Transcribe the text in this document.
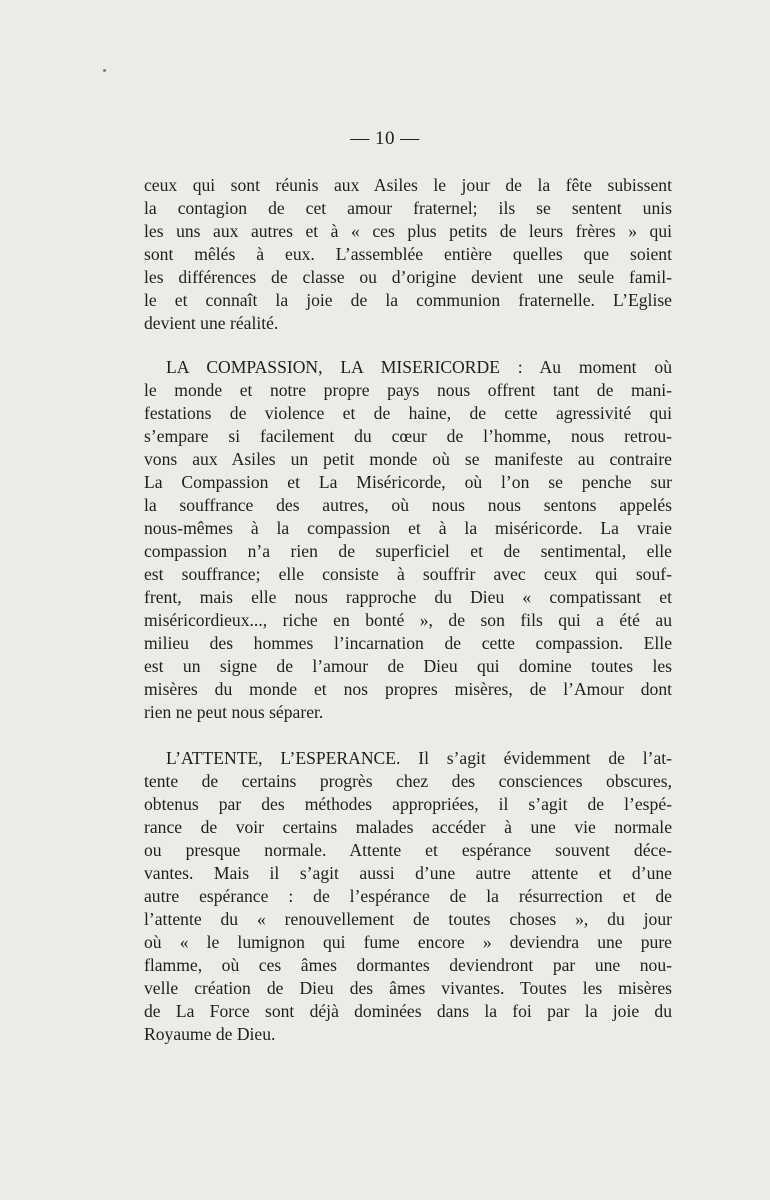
— 10 —
ceux qui sont réunis aux Asiles le jour de la fête subissent
la contagion de cet amour fraternel; ils se sentent unis
les uns aux autres et à « ces plus petits de leurs frères » qui
sont mêlés à eux. L’assemblée entière quelles que soient
les différences de classe ou d’origine devient une seule famil-
le et connaît la joie de la communion fraternelle. L’Eglise
devient une réalité.
LA COMPASSION, LA MISERICORDE : Au moment où
le monde et notre propre pays nous offrent tant de mani-
festations de violence et de haine, de cette agressivité qui
s’empare si facilement du cœur de l’homme, nous retrou-
vons aux Asiles un petit monde où se manifeste au contraire
La Compassion et La Miséricorde, où l’on se penche sur
la souffrance des autres, où nous nous sentons appelés
nous-mêmes à la compassion et à la miséricorde. La vraie
compassion n’a rien de superficiel et de sentimental, elle
est souffrance; elle consiste à souffrir avec ceux qui souf-
frent, mais elle nous rapproche du Dieu « compatissant et
miséricordieux..., riche en bonté », de son fils qui a été au
milieu des hommes l’incarnation de cette compassion. Elle
est un signe de l’amour de Dieu qui domine toutes les
misères du monde et nos propres misères, de l’Amour dont
rien ne peut nous séparer.
L’ATTENTE, L’ESPERANCE. Il s’agit évidemment de l’at-
tente de certains progrès chez des consciences obscures,
obtenus par des méthodes appropriées, il s’agit de l’espé-
rance de voir certains malades accéder à une vie normale
ou presque normale. Attente et espérance souvent déce-
vantes. Mais il s’agit aussi d’une autre attente et d’une
autre espérance : de l’espérance de la résurrection et de
l’attente du « renouvellement de toutes choses », du jour
où « le lumignon qui fume encore » deviendra une pure
flamme, où ces âmes dormantes deviendront par une nou-
velle création de Dieu des âmes vivantes. Toutes les misères
de La Force sont déjà dominées dans la foi par la joie du
Royaume de Dieu.
